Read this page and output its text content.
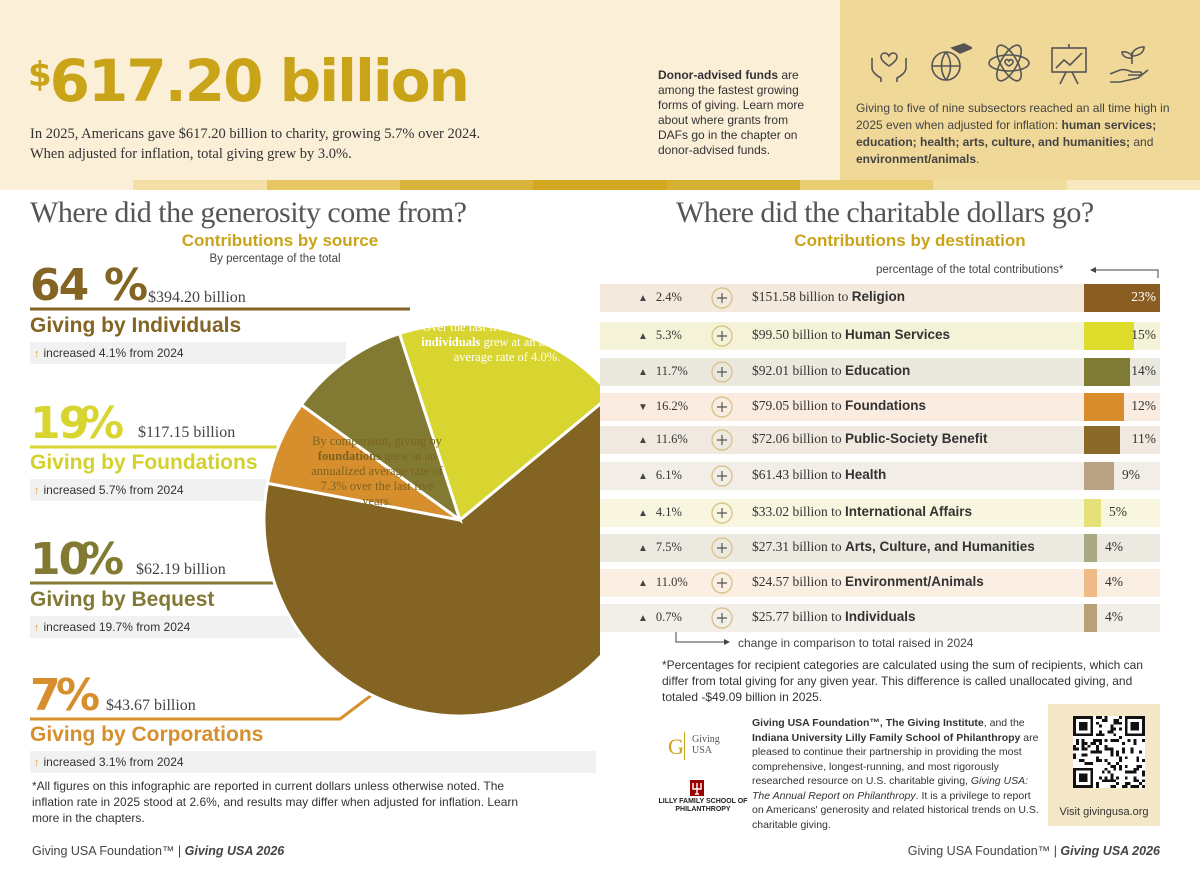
$617.20 billion
In 2025, Americans gave $617.20 billion to charity, growing 5.7% over 2024.
When adjusted for inflation, total giving grew by 3.0%.
Donor-advised funds are among the fastest growing forms of giving. Learn more about where grants from DAFs go in the chapter on donor-advised funds.
Giving to five of nine subsectors reached an all time high in 2025 even when adjusted for inflation: human services; education; health; arts, culture, and humanities; and environment/animals.
Where did the generosity come from?
Contributions by source
By percentage of the total
64 % $394.20 billion
Giving by Individuals
↑ increased 4.1% from 2024
19
% $117.15 billion
Giving by Foundations
↑ increased 5.7% from 2024
10
% $62.19 billion
Giving by Bequest
↑ increased 19.7% from 2024
7
% $43.67 billion
Giving by Corporations
↑ increased 3.1% from 2024
Over the last five years, giving by individuals grew at an annualized average rate of 4.0%.
By comparison, giving by foundations grew at an annualized average rate of 7.3% over the last five years.
*All figures on this infographic are reported in current dollars unless otherwise noted. The inflation rate in 2025 stood at 2.6%, and results may differ when adjusted for inflation. Learn more in the chapters.
Where did the charitable dollars go?
Contributions by destination
percentage of the total contributions*
▲ 2.4%	$151.58 billion to Religion	23%
▲ 5.3%	$99.50 billion to Human Services	15%
▲ 11.7%	$92.01 billion to Education	14%
▼ 16.2%	$79.05 billion to Foundations	12%
▲ 11.6%	$72.06 billion to Public-Society Benefit	11%
▲ 6.1%	$61.43 billion to Health	9%
▲ 4.1%	$33.02 billion to International Affairs	5%
▲ 7.5%	$27.31 billion to Arts, Culture, and Humanities	4%
▲ 11.0%	$24.57 billion to Environment/Animals	4%
▲ 0.7%	$25.77 billion to Individuals	4%
change in comparison to total raised in 2024
*Percentages for recipient categories are calculated using the sum of recipients, which can differ from total giving for any given year. This difference is called unallocated giving, and totaled -$49.09 billion in 2025.
G Giving USA
LILLY FAMILY SCHOOL OF PHILANTHROPY
Giving USA Foundation™, The Giving Institute, and the Indiana University Lilly Family School of Philanthropy are pleased to continue their partnership in providing the most comprehensive, longest-running, and most rigorously researched resource on U.S. charitable giving, Giving USA: The Annual Report on Philanthropy. It is a privilege to report on Americans' generosity and related historical trends on U.S. charitable giving.
Visit givingusa.org
Giving USA Foundation™ | Giving USA 2026	Giving USA Foundation™ | Giving USA 2026
